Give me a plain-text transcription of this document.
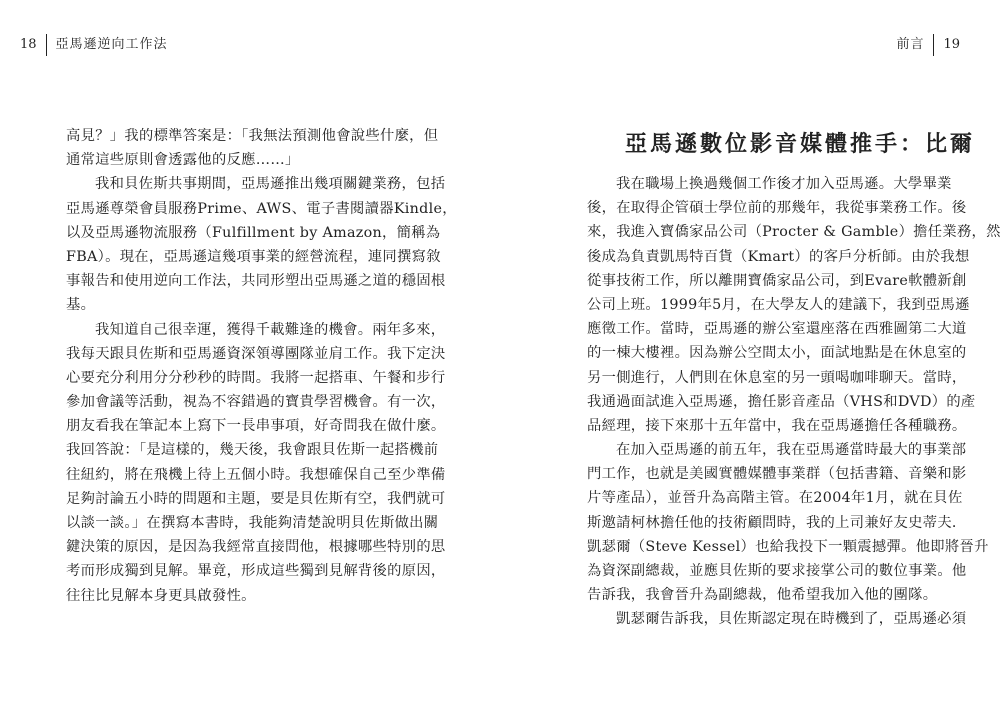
18 亞馬遜逆向工作法
高見？」我的標準答案是：「我無法預測他會說些什麼，但
通常這些原則會透露他的反應……」
我和貝佐斯共事期間，亞馬遜推出幾項關鍵業務，包括
亞馬遜尊榮會員服務Prime、AWS、電子書閱讀器Kindle，
以及亞馬遜物流服務（Fulfillment by Amazon，簡稱為
FBA）。現在，亞馬遜這幾項事業的經營流程，連同撰寫敘
事報告和使用逆向工作法，共同形塑出亞馬遜之道的穩固根
基。
我知道自己很幸運，獲得千載難逢的機會。兩年多來，
我每天跟貝佐斯和亞馬遜資深領導團隊並肩工作。我下定決
心要充分利用分分秒秒的時間。我將一起搭車、午餐和步行
參加會議等活動，視為不容錯過的寶貴學習機會。有一次，
朋友看我在筆記本上寫下一長串事項，好奇問我在做什麼。
我回答說：「是這樣的，幾天後，我會跟貝佐斯一起搭機前
往紐約，將在飛機上待上五個小時。我想確保自己至少準備
足夠討論五小時的問題和主題，要是貝佐斯有空，我們就可
以談一談。」在撰寫本書時，我能夠清楚說明貝佐斯做出關
鍵決策的原因，是因為我經常直接問他，根據哪些特別的思
考而形成獨到見解。畢竟，形成這些獨到見解背後的原因，
往往比見解本身更具啟發性。
前言 19
我在職場上換過幾個工作後才加入亞馬遜。大學畢業
後，在取得企管碩士學位前的那幾年，我從事業務工作。後
來，我進入寶僑家品公司（Procter & Gamble）擔任業務，然
後成為負責凱馬特百貨（Kmart）的客戶分析師。由於我想
從事技術工作，所以離開寶僑家品公司，到Evare軟體新創
公司上班。1999年5月，在大學友人的建議下，我到亞馬遜
應徵工作。當時，亞馬遜的辦公室還座落在西雅圖第二大道
的一棟大樓裡。因為辦公空間太小，面試地點是在休息室的
另一側進行，人們則在休息室的另一頭喝咖啡聊天。當時，
我通過面試進入亞馬遜，擔任影音產品（VHS和DVD）的產
品經理，接下來那十五年當中，我在亞馬遜擔任各種職務。
在加入亞馬遜的前五年，我在亞馬遜當時最大的事業部
門工作，也就是美國實體媒體事業群（包括書籍、音樂和影
片等產品），並晉升為高階主管。在2004年1月，就在貝佐
斯邀請柯林擔任他的技術顧問時，我的上司兼好友史蒂夫．
凱瑟爾（Steve Kessel）也給我投下一顆震撼彈。他即將晉升
為資深副總裁，並應貝佐斯的要求接掌公司的數位事業。他
告訴我，我會晉升為副總裁，他希望我加入他的團隊。
凱瑟爾告訴我，貝佐斯認定現在時機到了，亞馬遜必須
亞馬遜數位影音媒體推手：比爾
